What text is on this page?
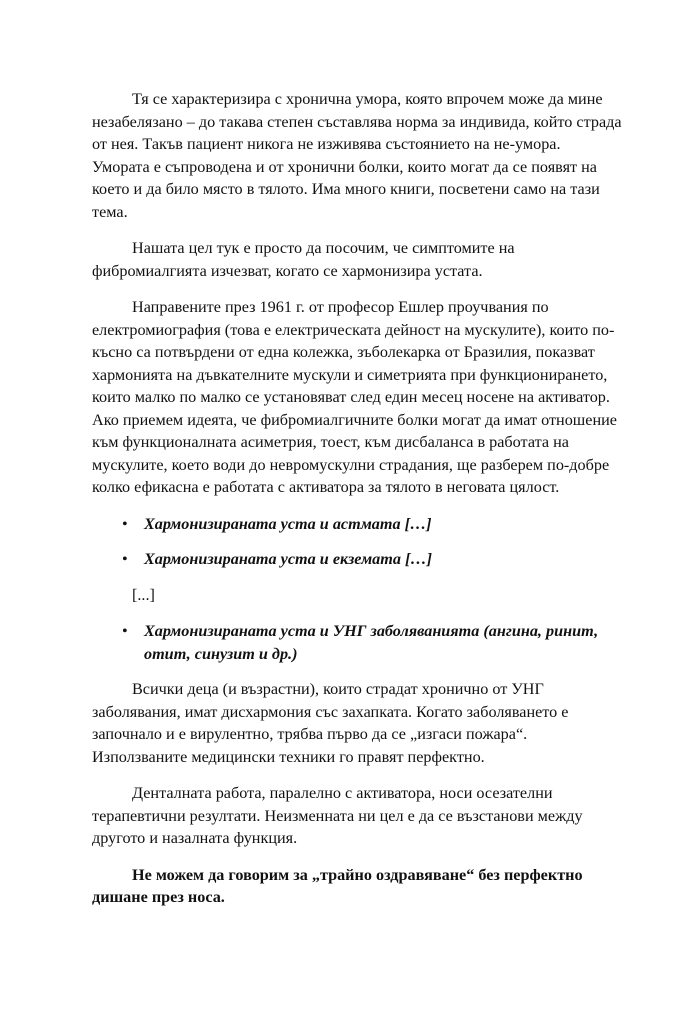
Тя се характеризира с хронична умора, която впрочем може да мине незабелязано – до такава степен съставлява норма за индивида, който страда от нея. Такъв пациент никога не изживява състоянието на не-умора. Умората е съпроводена и от хронични болки, които могат да се появят на което и да било място в тялото. Има много книги, посветени само на тази тема.

Нашата цел тук е просто да посочим, че симптомите на фибромиалгията изчезват, когато се хармонизира устата.

Направените през 1961 г. от професор Ешлер проучвания по електромиография (това е електрическата дейност на мускулите), които по-късно са потвърдени от една колежка, зъболекарка от Бразилия, показват хармонията на дъвкателните мускули и симетрията при функционирането, които малко по малко се установяват след един месец носене на активатор. Ако приемем идеята, че фибромиалгичните болки могат да имат отношение към функционалната асиметрия, тоест, към дисбаланса в работата на мускулите, което води до невромускулни страдания, ще разберем по-добре колко ефикасна е работата с активатора за тялото в неговата цялост.

• Хармонизираната уста и астмата […]
• Хармонизираната уста и екземата […]
[...]
• Хармонизираната уста и УНГ заболяванията (ангина, ринит, отит, синузит и др.)

Всички деца (и възрастни), които страдат хронично от УНГ заболявания, имат дисхармония със захапката. Когато заболяването е започнало и е вирулентно, трябва първо да се „изгаси пожара“. Използваните медицински техники го правят перфектно.

Денталната работа, паралелно с активатора, носи осезателни терапевтични резултати. Неизменната ни цел е да се възстанови между другото и назалната функция.

Не можем да говорим за „трайно оздравяване“ без перфектно дишане през носа.
